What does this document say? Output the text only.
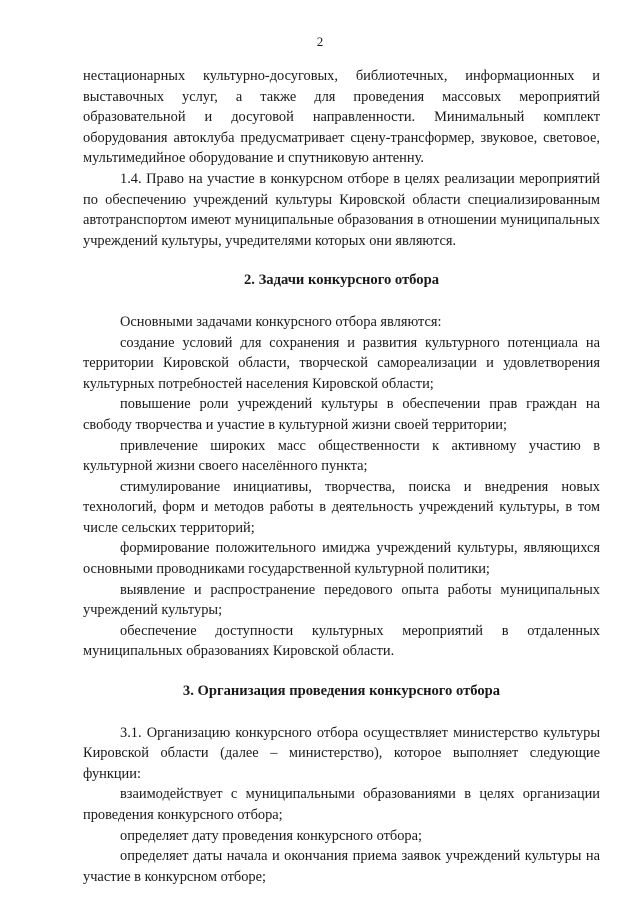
2

нестационарных культурно-досуговых, библиотечных, информационных и выставочных услуг, а также для проведения массовых мероприятий образовательной и досуговой направленности. Минимальный комплект оборудования автоклуба предусматривает сцену-трансформер, звуковое, световое, мультимедийное оборудование и спутниковую антенну.

1.4. Право на участие в конкурсном отборе в целях реализации мероприятий по обеспечению учреждений культуры Кировской области специализированным автотранспортом имеют муниципальные образования в отношении муниципальных учреждений культуры, учредителями которых они являются.

2. Задачи конкурсного отбора

Основными задачами конкурсного отбора являются:

создание условий для сохранения и развития культурного потенциала на территории Кировской области, творческой самореализации и удовлетворения культурных потребностей населения Кировской области;

повышение роли учреждений культуры в обеспечении прав граждан на свободу творчества и участие в культурной жизни своей территории;

привлечение широких масс общественности к активному участию в культурной жизни своего населённого пункта;

стимулирование инициативы, творчества, поиска и внедрения новых технологий, форм и методов работы в деятельность учреждений культуры, в том числе сельских территорий;

формирование положительного имиджа учреждений культуры, являющихся основными проводниками государственной культурной политики;

выявление и распространение передового опыта работы муниципальных учреждений культуры;

обеспечение доступности культурных мероприятий в отдаленных муниципальных образованиях Кировской области.

3. Организация проведения конкурсного отбора

3.1. Организацию конкурсного отбора осуществляет министерство культуры Кировской области (далее – министерство), которое выполняет следующие функции:

взаимодействует с муниципальными образованиями в целях организации проведения конкурсного отбора;

определяет дату проведения конкурсного отбора;

определяет даты начала и окончания приема заявок учреждений культуры на участие в конкурсном отборе;
